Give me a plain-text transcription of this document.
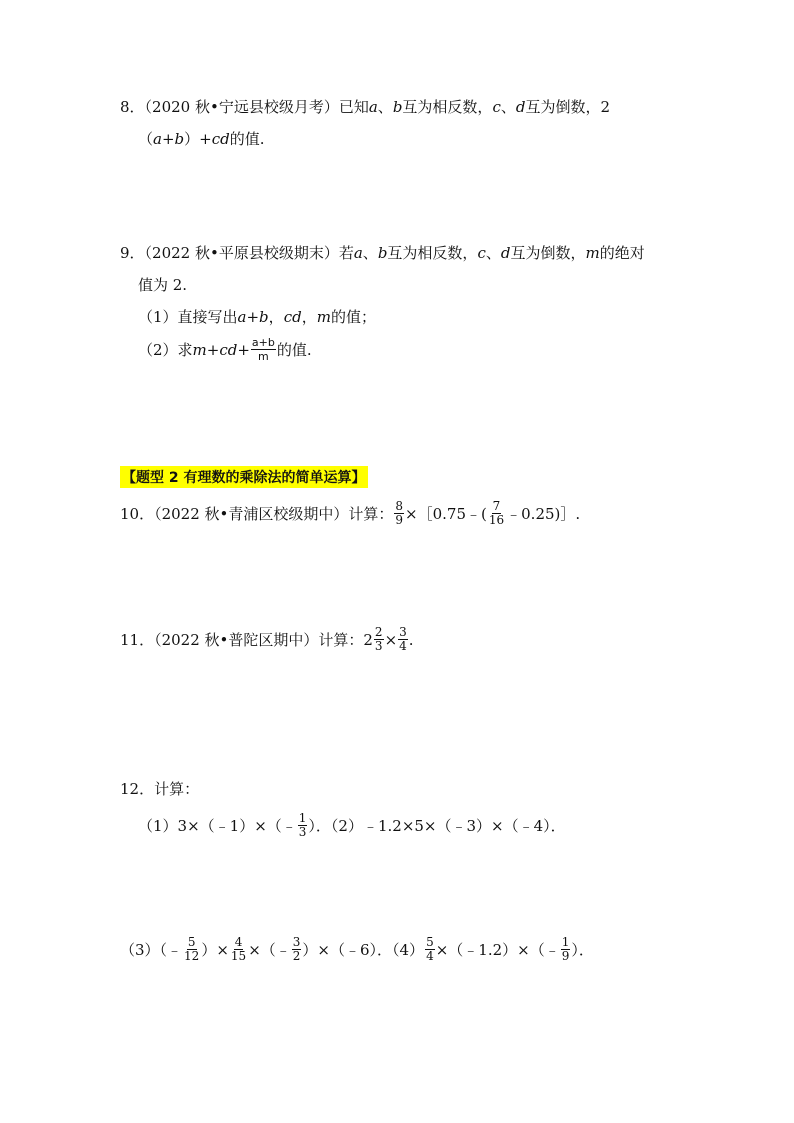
8．（2020 秋•宁远县校级月考）已知 a 、 b 互为相反数， c 、 d 互为倒数，2
（ a+b ）+ cd 的值.
9．（2022 秋•平原县校级期末）若 a 、 b 互为相反数， c 、 d 互为倒数， m 的绝对
值为 2.
（1）直接写出 a+b ， cd ， m 的值；
（2）求 $m+cd+ \frac{a+b}{m}$ 的值.
【题型 2 有理数的乘除法的简单运算】
10．（2022 秋•青浦区校级期中）计算： $\frac{8}{9}$ ×［0.75﹣( $\frac{7}{16}$ ﹣0.25)］.
11．（2022 秋•普陀区期中）计算：$2 \frac{2}{3} \times \frac{3}{4}$ .
12．计算：
（1）3×（﹣1）×（﹣ $\frac{1}{3}$ ）．（2）﹣1.2×5×（﹣3）×（﹣4）．
（3）（﹣ $\frac{5}{12}$ ）× $\frac{4}{15}$ ×（﹣ $\frac{3}{2}$ ）×（﹣6）．$(4) \frac{5}{4}$ ×（﹣1.2）×（﹣ $\frac{1}{9}$ ）．
